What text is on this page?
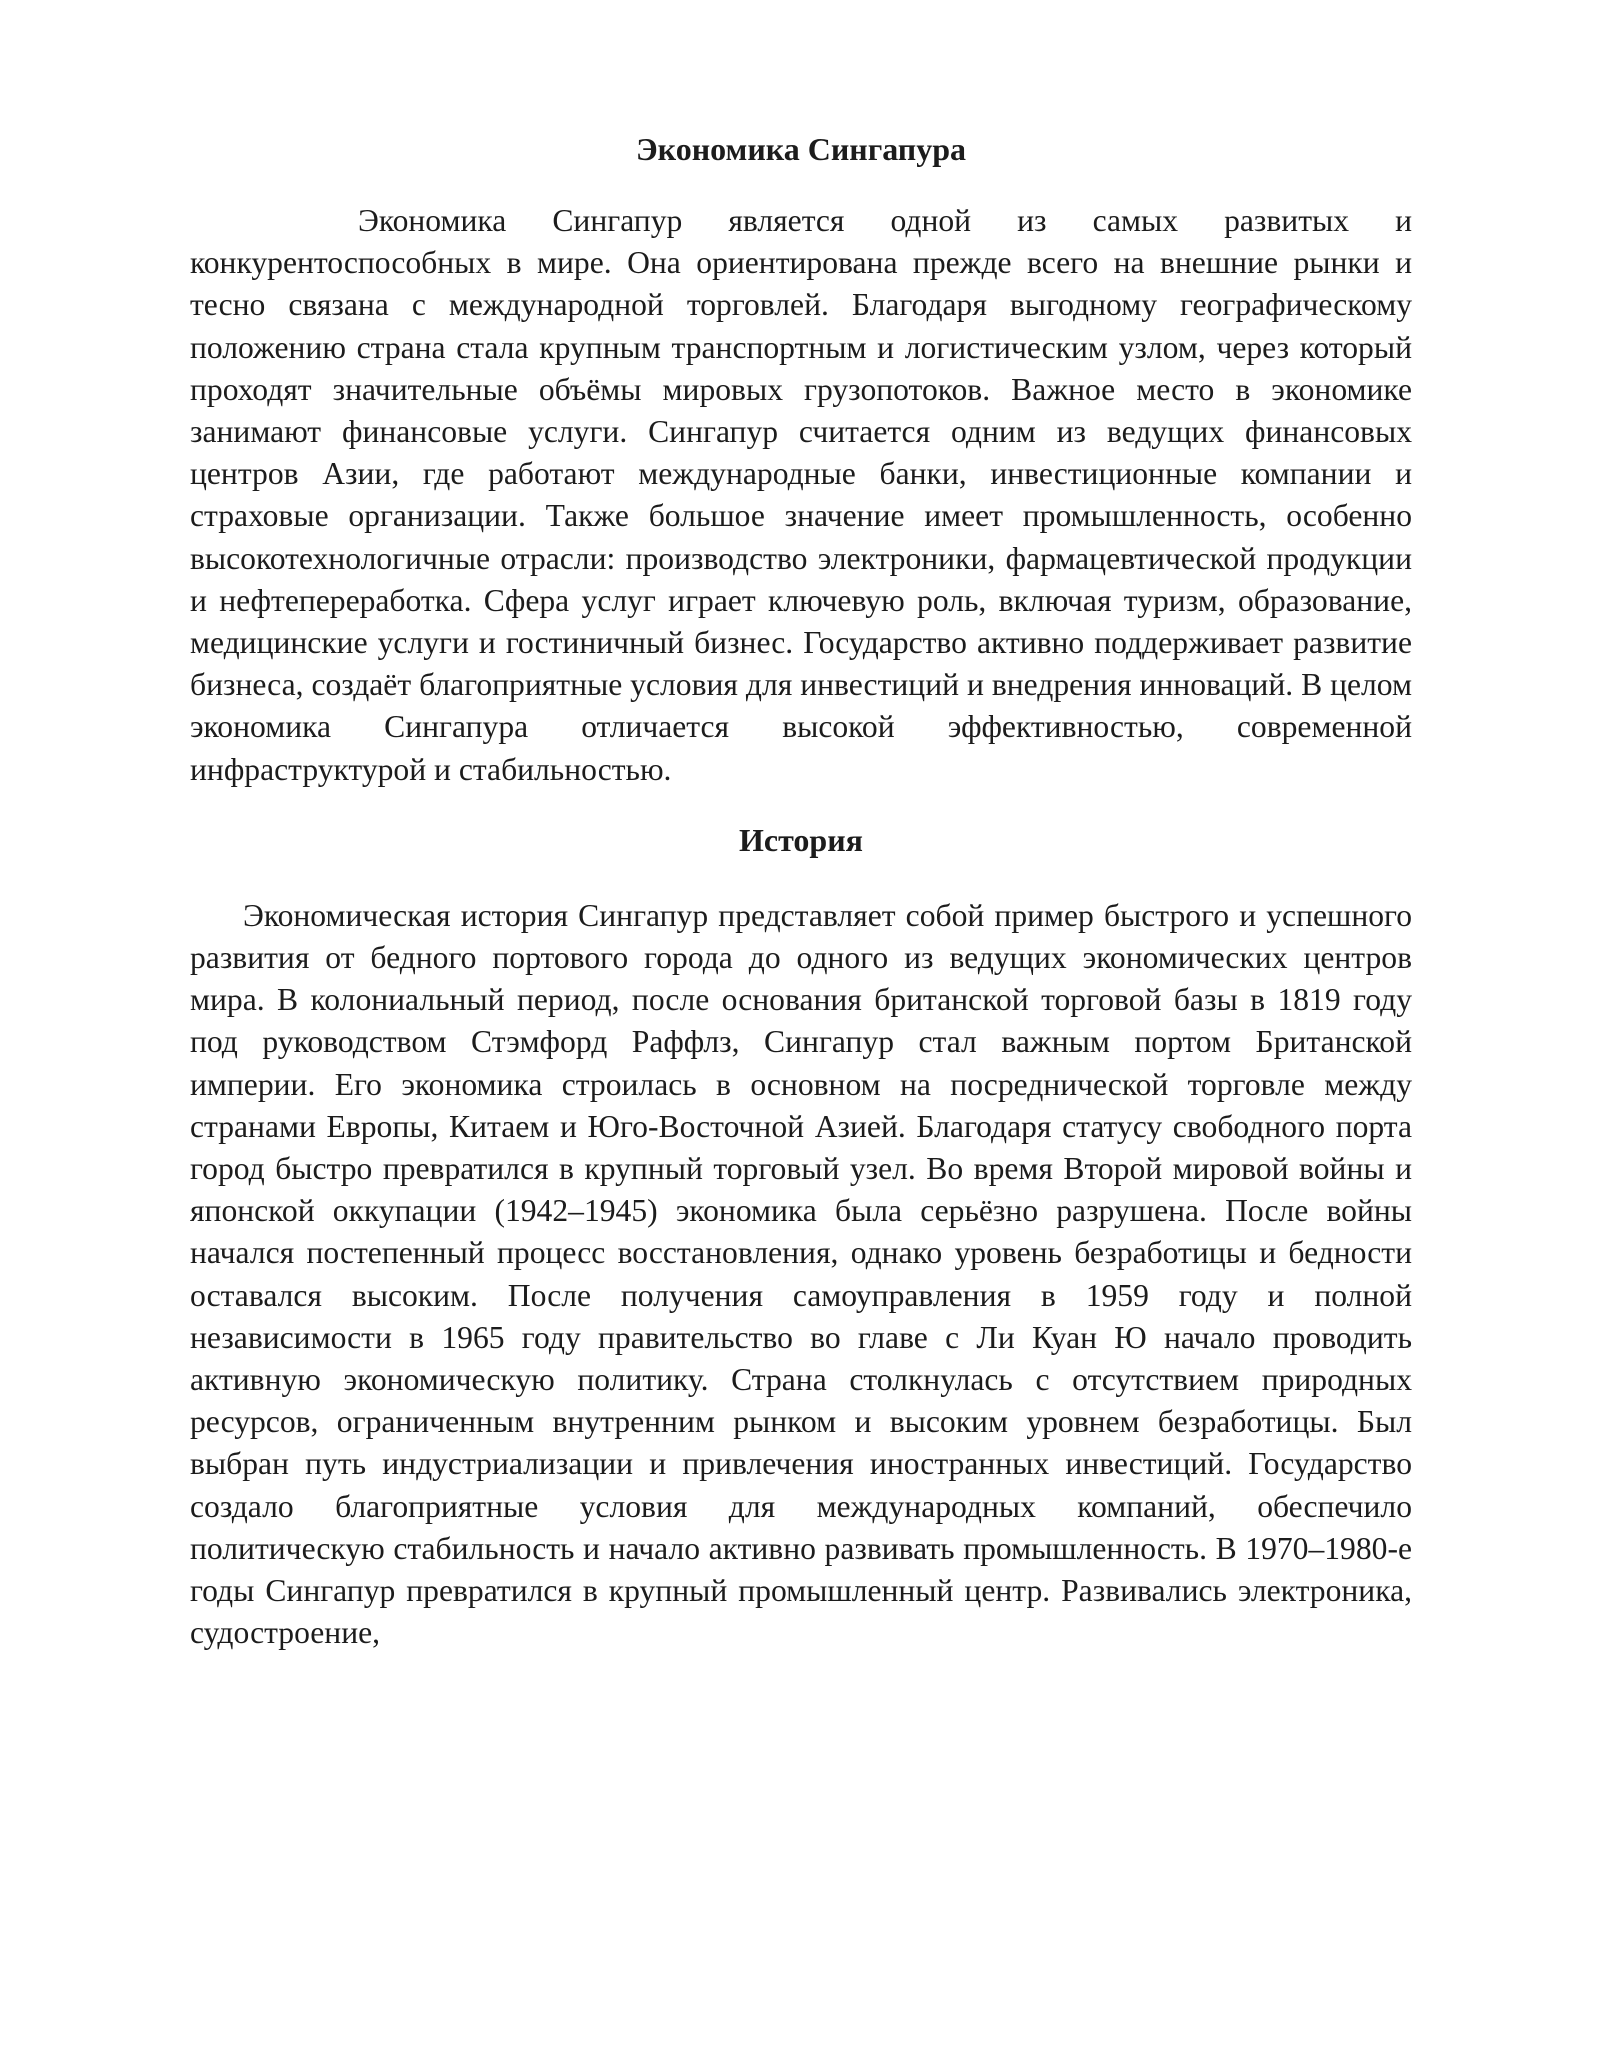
Экономика Сингапура

Экономика Сингапур является одной из самых развитых и конкурентоспособных в мире. Она ориентирована прежде всего на внешние рынки и тесно связана с международной торговлей. Благодаря выгодному географическому положению страна стала крупным транспортным и логистическим узлом, через который проходят значительные объёмы мировых грузопотоков. Важное место в экономике занимают финансовые услуги. Сингапур считается одним из ведущих финансовых центров Азии, где работают международные банки, инвестиционные компании и страховые организации. Также большое значение имеет промышленность, особенно высокотехнологичные отрасли: производство электроники, фармацевтической продукции и нефтепереработка. Сфера услуг играет ключевую роль, включая туризм, образование, медицинские услуги и гостиничный бизнес. Государство активно поддерживает развитие бизнеса, создаёт благоприятные условия для инвестиций и внедрения инноваций. В целом экономика Сингапура отличается высокой эффективностью, современной инфраструктурой и стабильностью.

История

Экономическая история Сингапур представляет собой пример быстрого и успешного развития от бедного портового города до одного из ведущих экономических центров мира. В колониальный период, после основания британской торговой базы в 1819 году под руководством Стэмфорд Раффлз, Сингапур стал важным портом Британской империи. Его экономика строилась в основном на посреднической торговле между странами Европы, Китаем и Юго-Восточной Азией. Благодаря статусу свободного порта город быстро превратился в крупный торговый узел. Во время Второй мировой войны и японской оккупации (1942–1945) экономика была серьёзно разрушена. После войны начался постепенный процесс восстановления, однако уровень безработицы и бедности оставался высоким. После получения самоуправления в 1959 году и полной независимости в 1965 году правительство во главе с Ли Куан Ю начало проводить активную экономическую политику. Страна столкнулась с отсутствием природных ресурсов, ограниченным внутренним рынком и высоким уровнем безработицы. Был выбран путь индустриализации и привлечения иностранных инвестиций. Государство создало благоприятные условия для международных компаний, обеспечило политическую стабильность и начало активно развивать промышленность. В 1970–1980-е годы Сингапур превратился в крупный промышленный центр. Развивались электроника, судостроение,
